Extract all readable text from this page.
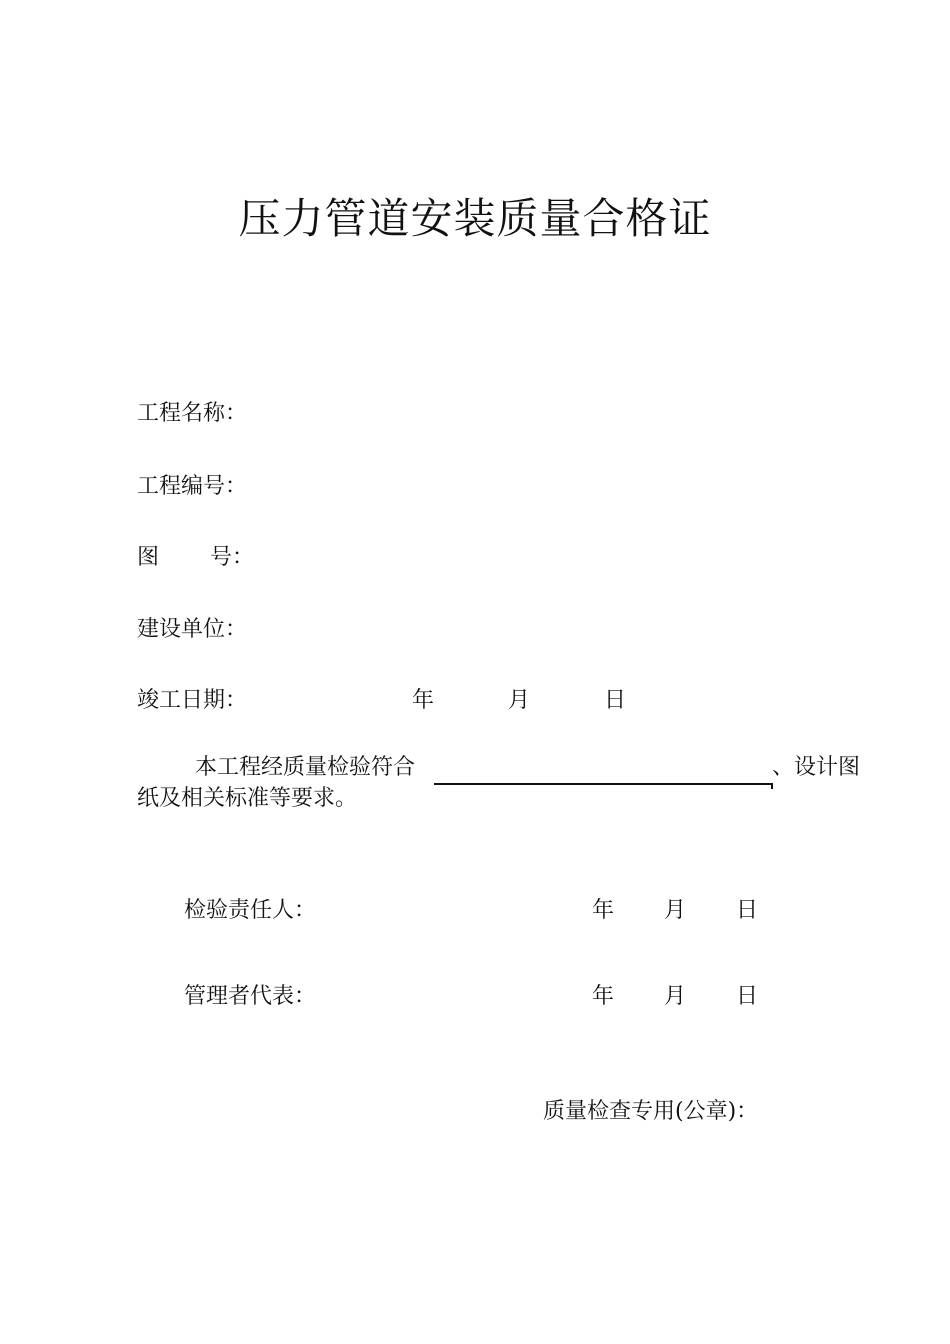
压力管道安装质量合格证
工程名称：
工程编号：
图 号：
建设单位：
竣工日期：	年	月	日
本工程经质量检验符合	、设计图
纸及相关标准等要求。
检验责任人：	年 月 日
管理者代表：	年 月 日
质量检查专用(公章)：
